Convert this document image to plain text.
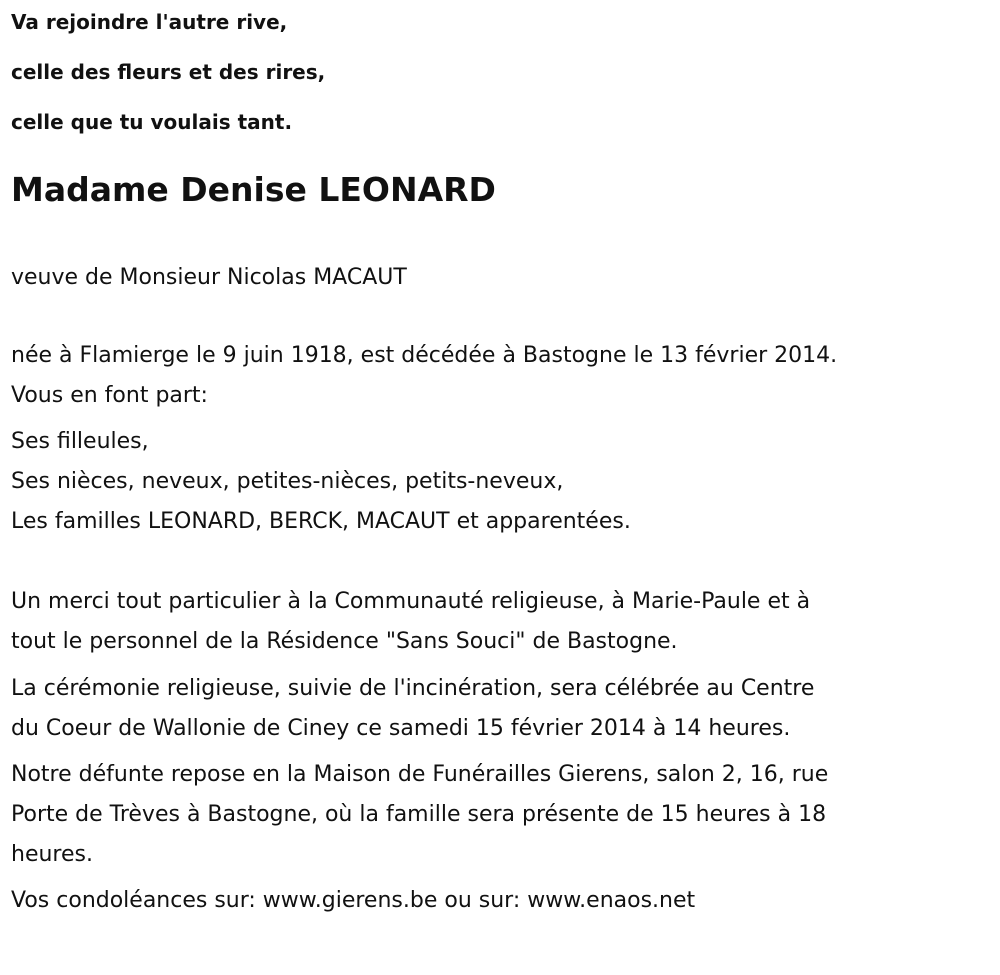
Va rejoindre l'autre rive,
celle des fleurs et des rires,
celle que tu voulais tant.
Madame Denise LEONARD
veuve de Monsieur Nicolas MACAUT
née à Flamierge le 9 juin 1918, est décédée à Bastogne le 13 février 2014.
Vous en font part:
Ses filleules,
Ses nièces, neveux, petites-nièces, petits-neveux,
Les familles LEONARD, BERCK, MACAUT et apparentées.
Un merci tout particulier à la Communauté religieuse, à Marie-Paule et à
tout le personnel de la Résidence "Sans Souci" de Bastogne.
La cérémonie religieuse, suivie de l'incinération, sera célébrée au Centre
du Coeur de Wallonie de Ciney ce samedi 15 février 2014 à 14 heures.
Notre défunte repose en la Maison de Funérailles Gierens, salon 2, 16, rue
Porte de Trèves à Bastogne, où la famille sera présente de 15 heures à 18
heures.
Vos condoléances sur: www.gierens.be ou sur: www.enaos.net
